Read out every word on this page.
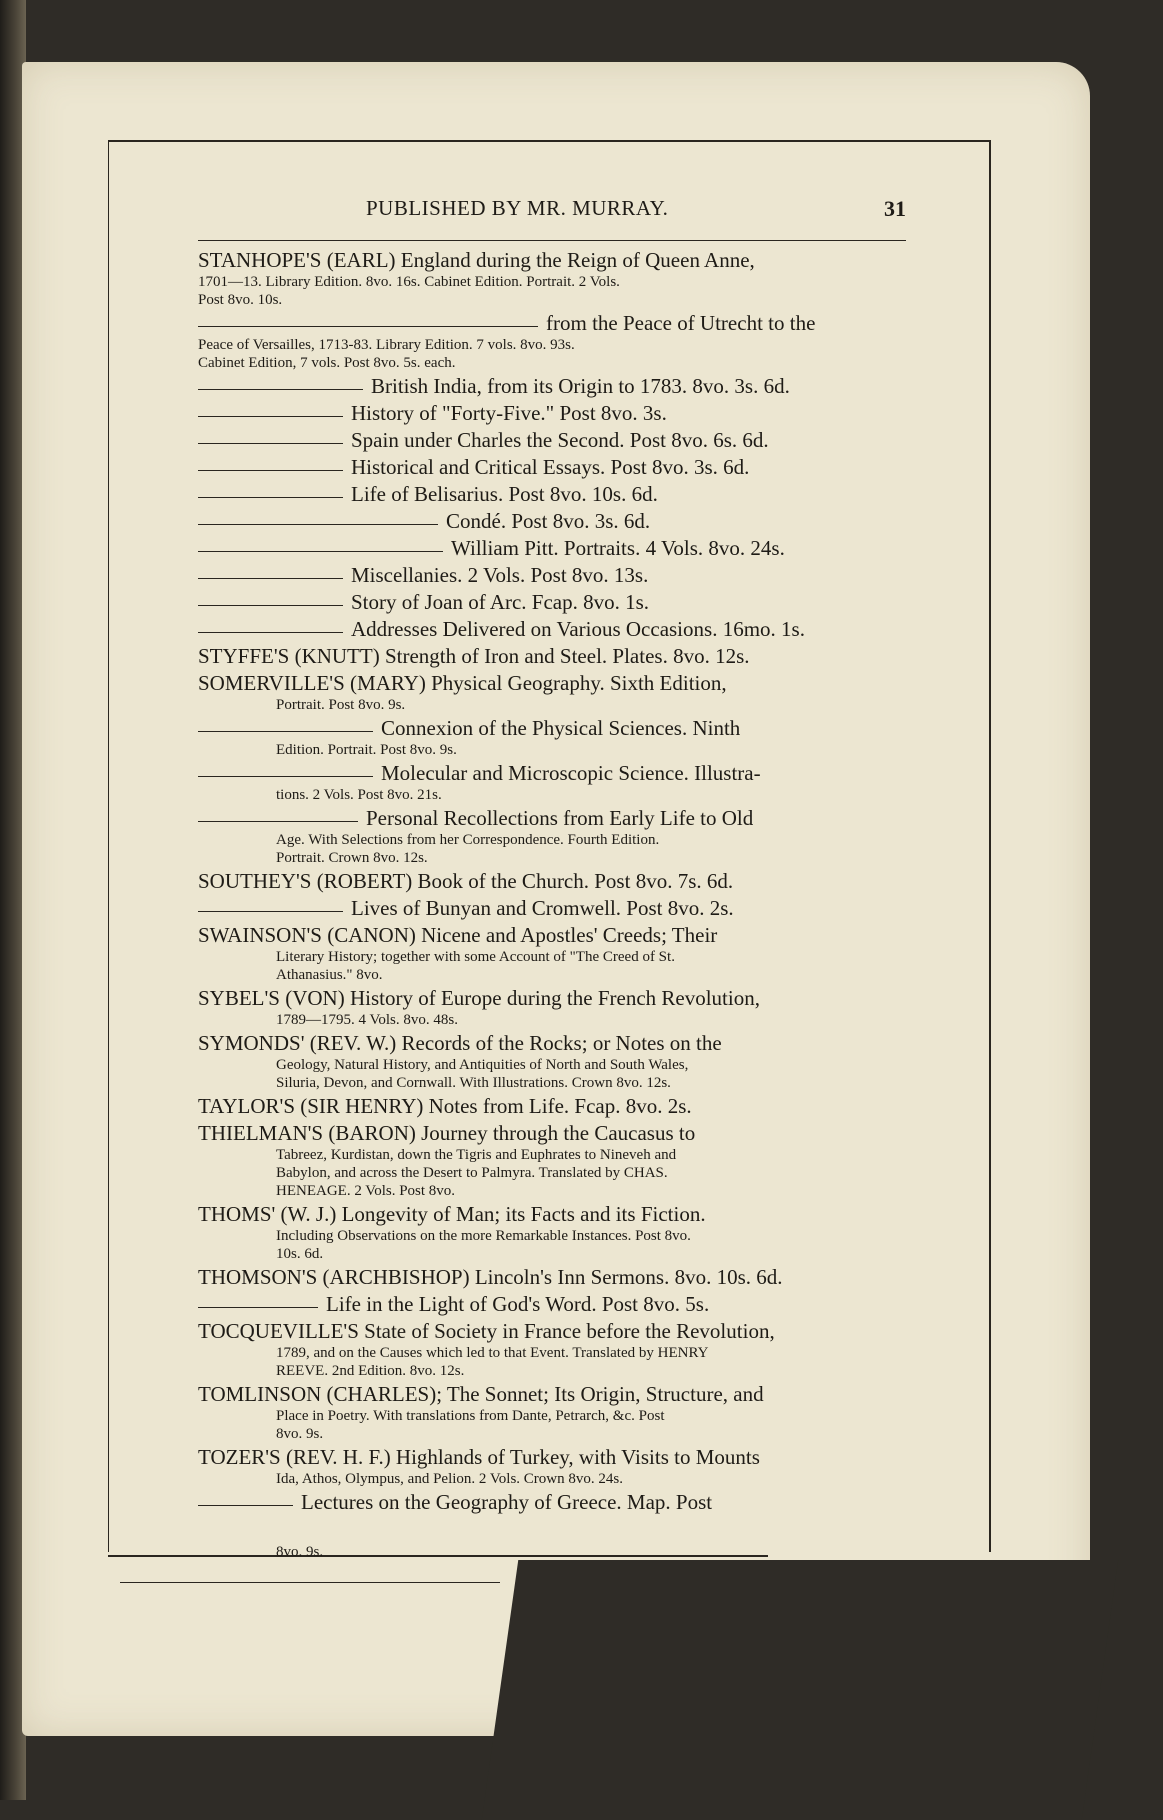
PUBLISHED BY MR. MURRAY.	31
STANHOPE'S (EARL) England during the Reign of Queen Anne,
1701—13. Library Edition. 8vo. 16s. Cabinet Edition. Portrait. 2 Vols.
Post 8vo. 10s.
from the Peace of Utrecht to the
Peace of Versailles, 1713-83. Library Edition. 7 vols. 8vo. 93s.
Cabinet Edition, 7 vols. Post 8vo. 5s. each.
British India, from its Origin to 1783. 8vo. 3s. 6d.
History of "Forty-Five." Post 8vo. 3s.
Spain under Charles the Second. Post 8vo. 6s. 6d.
Historical and Critical Essays. Post 8vo. 3s. 6d.
Life of Belisarius. Post 8vo. 10s. 6d.
Condé. Post 8vo. 3s. 6d.
William Pitt. Portraits. 4 Vols. 8vo. 24s.
Miscellanies. 2 Vols. Post 8vo. 13s.
Story of Joan of Arc. Fcap. 8vo. 1s.
Addresses Delivered on Various Occasions. 16mo. 1s.
STYFFE'S (KNUTT) Strength of Iron and Steel. Plates. 8vo. 12s.
SOMERVILLE'S (MARY) Physical Geography. Sixth Edition,
Portrait. Post 8vo. 9s.
Connexion of the Physical Sciences. Ninth
Edition. Portrait. Post 8vo. 9s.
Molecular and Microscopic Science. Illustra-
tions. 2 Vols. Post 8vo. 21s.
Personal Recollections from Early Life to Old
Age. With Selections from her Correspondence. Fourth Edition.
Portrait. Crown 8vo. 12s.
SOUTHEY'S (ROBERT) Book of the Church. Post 8vo. 7s. 6d.
Lives of Bunyan and Cromwell. Post 8vo. 2s.
SWAINSON'S (CANON) Nicene and Apostles' Creeds; Their
Literary History; together with some Account of "The Creed of St.
Athanasius." 8vo.
SYBEL'S (VON) History of Europe during the French Revolution,
1789—1795. 4 Vols. 8vo. 48s.
SYMONDS' (REV. W.) Records of the Rocks; or Notes on the
Geology, Natural History, and Antiquities of North and South Wales,
Siluria, Devon, and Cornwall. With Illustrations. Crown 8vo. 12s.
TAYLOR'S (SIR HENRY) Notes from Life. Fcap. 8vo. 2s.
THIELMAN'S (BARON) Journey through the Caucasus to
Tabreez, Kurdistan, down the Tigris and Euphrates to Nineveh and
Babylon, and across the Desert to Palmyra. Translated by CHAS.
HENEAGE. 2 Vols. Post 8vo.
THOMS' (W. J.) Longevity of Man; its Facts and its Fiction.
Including Observations on the more Remarkable Instances. Post 8vo.
10s. 6d.
THOMSON'S (ARCHBISHOP) Lincoln's Inn Sermons. 8vo. 10s. 6d.
Life in the Light of God's Word. Post 8vo. 5s.
TOCQUEVILLE'S State of Society in France before the Revolution,
1789, and on the Causes which led to that Event. Translated by HENRY
REEVE. 2nd Edition. 8vo. 12s.
TOMLINSON (CHARLES); The Sonnet; Its Origin, Structure, and
Place in Poetry. With translations from Dante, Petrarch, &c. Post
8vo. 9s.
TOZER'S (REV. H. F.) Highlands of Turkey, with Visits to Mounts
Ida, Athos, Olympus, and Pelion. 2 Vols. Crown 8vo. 24s.
Lectures on the Geography of Greece. Map. Post
8vo. 9s.
